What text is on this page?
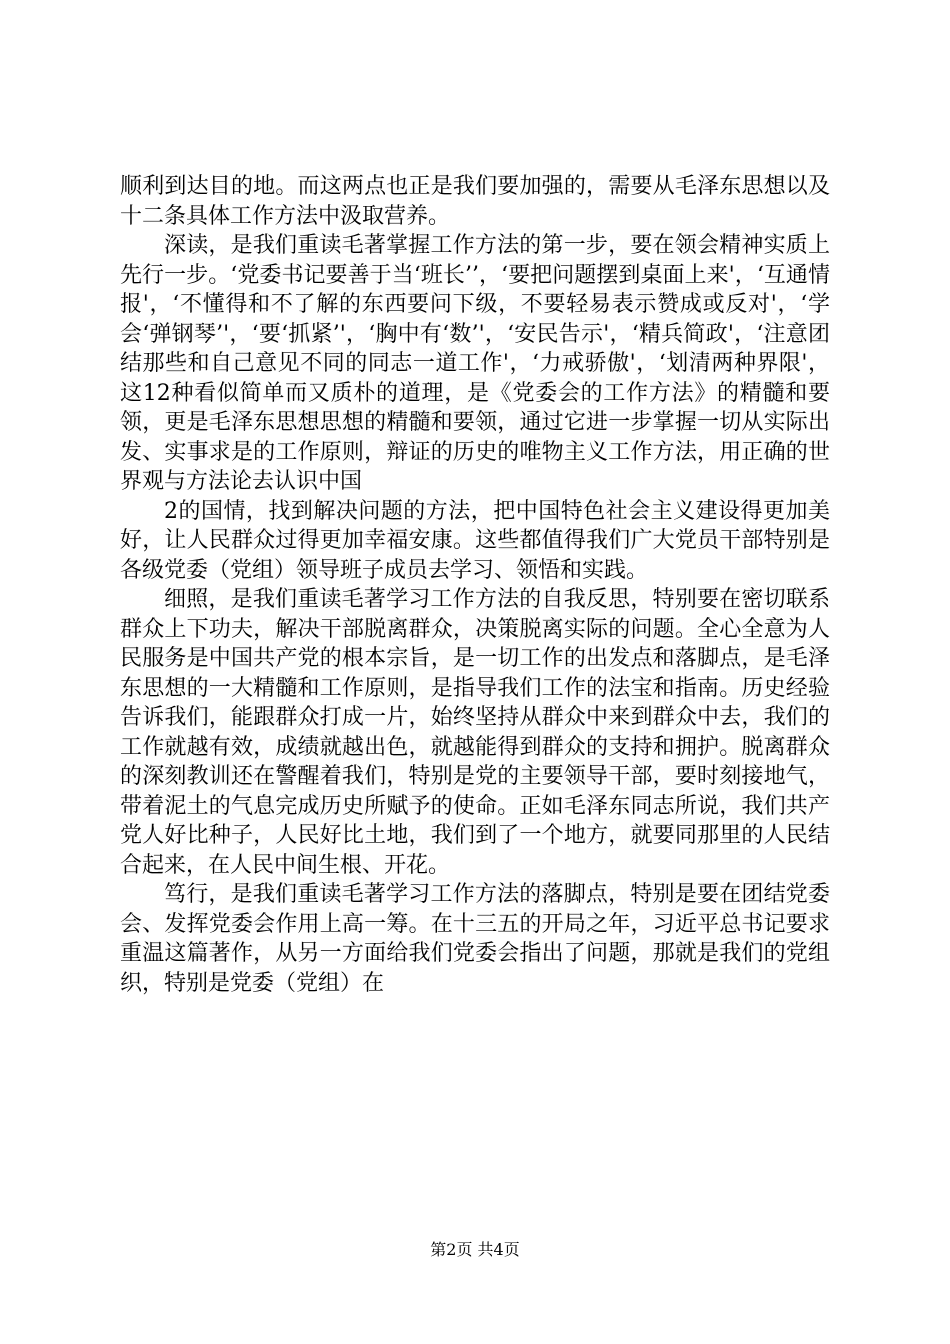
顺利到达目的地。而这两点也正是我们要加强的，需要从毛泽东思想以及十二条具体工作方法中汲取营养。

深读，是我们重读毛著掌握工作方法的第一步，要在领会精神实质上先行一步。‘党委书记要善于当‘班长’’，‘要把问题摆到桌面上来'，‘互通情报'，‘不懂得和不了解的东西要问下级，不要轻易表示赞成或反对'，‘学会‘弹钢琴’'，‘要‘抓紧’'，‘胸中有‘数’'，‘安民告示'，‘精兵简政'，‘注意团结那些和自己意见不同的同志一道工作'，‘力戒骄傲'，‘划清两种界限'，这12种看似简单而又质朴的道理，是《党委会的工作方法》的精髓和要领，更是毛泽东思想思想的精髓和要领，通过它进一步掌握一切从实际出发、实事求是的工作原则，辩证的历史的唯物主义工作方法，用正确的世界观与方法论去认识中国

2的国情，找到解决问题的方法，把中国特色社会主义建设得更加美好，让人民群众过得更加幸福安康。这些都值得我们广大党员干部特别是各级党委（党组）领导班子成员去学习、领悟和实践。

细照，是我们重读毛著学习工作方法的自我反思，特别要在密切联系群众上下功夫，解决干部脱离群众，决策脱离实际的问题。全心全意为人民服务是中国共产党的根本宗旨，是一切工作的出发点和落脚点，是毛泽东思想的一大精髓和工作原则，是指导我们工作的法宝和指南。历史经验告诉我们，能跟群众打成一片，始终坚持从群众中来到群众中去，我们的工作就越有效，成绩就越出色，就越能得到群众的支持和拥护。脱离群众的深刻教训还在警醒着我们，特别是党的主要领导干部，要时刻接地气，带着泥土的气息完成历史所赋予的使命。正如毛泽东同志所说，我们共产党人好比种子，人民好比土地，我们到了一个地方，就要同那里的人民结合起来，在人民中间生根、开花。

笃行，是我们重读毛著学习工作方法的落脚点，特别是要在团结党委会、发挥党委会作用上高一筹。在十三五的开局之年，习近平总书记要求重温这篇著作，从另一方面给我们党委会指出了问题，那就是我们的党组织，特别是党委（党组）在

第2页 共4页
